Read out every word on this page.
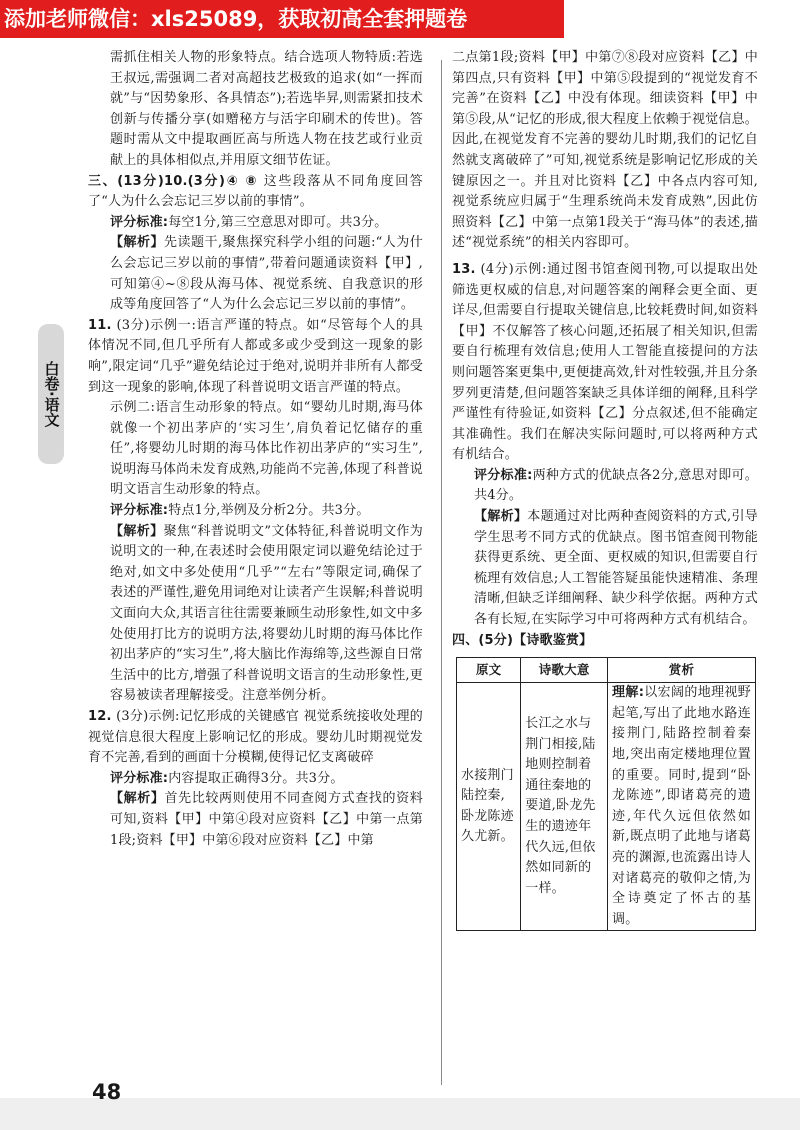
添加老师微信：xls25089，获取初高全套押题卷
白卷·语文

需抓住相关人物的形象特点。结合选项人物特质:若选王叔远,需强调二者对高超技艺极致的追求(如“一挥而就”与“因势象形、各具情态”);若选毕昇,则需紧扣技术创新与传播分享(如赠秘方与活字印刷术的传世)。答题时需从文中提取画匠高与所选人物在技艺或行业贡献上的具体相似点,并用原文细节佐证。

三、(13分)10.(3分)④ ⑧ 这些段落从不同角度回答了“人为什么会忘记三岁以前的事情”。

评分标准:每空1分,第三空意思对即可。共3分。

【解析】先读题干,聚焦探究科学小组的问题:“人为什么会忘记三岁以前的事情”,带着问题通读资料【甲】,可知第④~⑧段从海马体、视觉系统、自我意识的形成等角度回答了“人为什么会忘记三岁以前的事情”。

11. (3分)示例一:语言严谨的特点。如“尽管每个人的具体情况不同,但几乎所有人都或多或少受到这一现象的影响”,限定词“几乎”避免结论过于绝对,说明并非所有人都受到这一现象的影响,体现了科普说明文语言严谨的特点。

示例二:语言生动形象的特点。如“婴幼儿时期,海马体就像一个初出茅庐的‘实习生’,肩负着记忆储存的重任”,将婴幼儿时期的海马体比作初出茅庐的“实习生”,说明海马体尚未发育成熟,功能尚不完善,体现了科普说明文语言生动形象的特点。

评分标准:特点1分,举例及分析2分。共3分。

【解析】聚焦“科普说明文”文体特征,科普说明文作为说明文的一种,在表述时会使用限定词以避免结论过于绝对,如文中多处使用“几乎”“左右”等限定词,确保了表述的严谨性,避免用词绝对让读者产生误解;科普说明文面向大众,其语言往往需要兼顾生动形象性,如文中多处使用打比方的说明方法,将婴幼儿时期的海马体比作初出茅庐的“实习生”,将大脑比作海绵等,这些源自日常生活中的比方,增强了科普说明文语言的生动形象性,更容易被读者理解接受。注意举例分析。

12. (3分)示例:记忆形成的关键感官 视觉系统接收处理的视觉信息很大程度上影响记忆的形成。婴幼儿时期视觉发育不完善,看到的画面十分模糊,使得记忆支离破碎

评分标准:内容提取正确得3分。共3分。

【解析】首先比较两则使用不同查阅方式查找的资料可知,资料【甲】中第④段对应资料【乙】中第一点第1段;资料【甲】中第⑥段对应资料【乙】中第

二点第1段;资料【甲】中第⑦⑧段对应资料【乙】中第四点,只有资料【甲】中第⑤段提到的“视觉发育不完善”在资料【乙】中没有体现。细读资料【甲】中第⑤段,从“记忆的形成,很大程度上依赖于视觉信息。因此,在视觉发育不完善的婴幼儿时期,我们的记忆自然就支离破碎了”可知,视觉系统是影响记忆形成的关键原因之一。并且对比资料【乙】中各点内容可知,视觉系统应归属于“生理系统尚未发育成熟”,因此仿照资料【乙】中第一点第1段关于“海马体”的表述,描述“视觉系统”的相关内容即可。

13. (4分)示例:通过图书馆查阅刊物,可以提取出处筛选更权威的信息,对问题答案的阐释会更全面、更详尽,但需要自行提取关键信息,比较耗费时间,如资料【甲】不仅解答了核心问题,还拓展了相关知识,但需要自行梳理有效信息;使用人工智能直接提问的方法则问题答案更集中,更便捷高效,针对性较强,并且分条罗列更清楚,但问题答案缺乏具体详细的阐释,且科学严谨性有待验证,如资料【乙】分点叙述,但不能确定其准确性。我们在解决实际问题时,可以将两种方式有机结合。

评分标准:两种方式的优缺点各2分,意思对即可。共4分。

【解析】本题通过对比两种查阅资料的方式,引导学生思考不同方式的优缺点。图书馆查阅刊物能获得更系统、更全面、更权威的知识,但需要自行梳理有效信息;人工智能答疑虽能快速精准、条理清晰,但缺乏详细阐释、缺少科学依据。两种方式各有长短,在实际学习中可将两种方式有机结合。

四、(5分)【诗歌鉴赏】

原文	诗歌大意	赏析
水接荆门陆控秦,卧龙陈迹久尤新。	长江之水与荆门相接,陆地则控制着通往秦地的要道,卧龙先生的遗迹年代久远,但依然如同新的一样。	理解:以宏阔的地理视野起笔,写出了此地水路连接荆门,陆路控制着秦地,突出南定楼地理位置的重要。同时,提到“卧龙陈迹”,即诸葛亮的遗迹,年代久远但依然如新,既点明了此地与诸葛亮的渊源,也流露出诗人对诸葛亮的敬仰之情,为全诗奠定了怀古的基调。
48
